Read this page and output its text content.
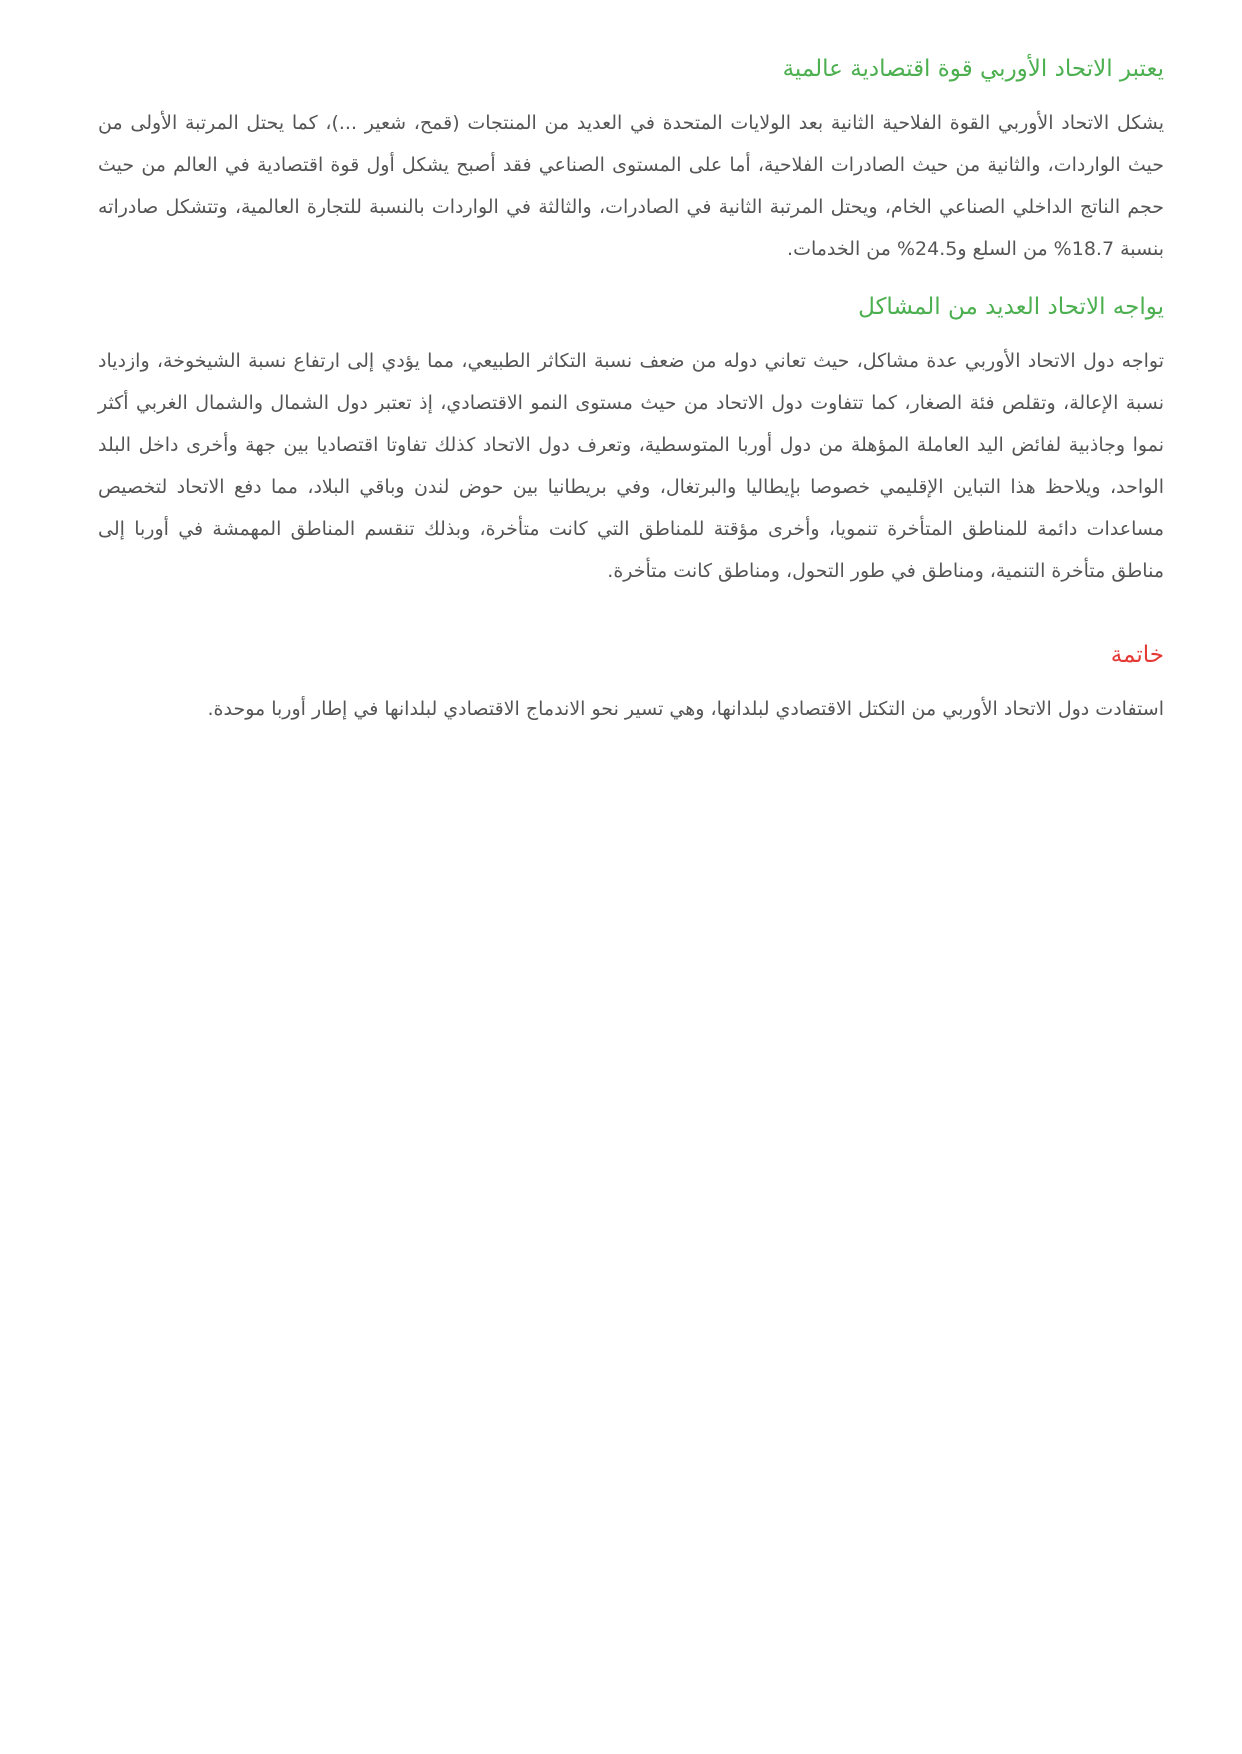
يعتبر الاتحاد الأوربي قوة اقتصادية عالمية

يشكل الاتحاد الأوربي القوة الفلاحية الثانية بعد الولايات المتحدة في العديد من المنتجات (قمح، شعير ...)، كما يحتل المرتبة الأولى من حيث الواردات، والثانية من حيث الصادرات الفلاحية، أما على المستوى الصناعي فقد أصبح يشكل أول قوة اقتصادية في العالم من حيث حجم الناتج الداخلي الصناعي الخام، ويحتل المرتبة الثانية في الصادرات، والثالثة في الواردات بالنسبة للتجارة العالمية، وتتشكل صادراته بنسبة 18.7% من السلع و24.5% من الخدمات.

يواجه الاتحاد العديد من المشاكل

تواجه دول الاتحاد الأوربي عدة مشاكل، حيث تعاني دوله من ضعف نسبة التكاثر الطبيعي، مما يؤدي إلى ارتفاع نسبة الشيخوخة، وازدياد نسبة الإعالة، وتقلص فئة الصغار، كما تتفاوت دول الاتحاد من حيث مستوى النمو الاقتصادي، إذ تعتبر دول الشمال والشمال الغربي أكثر نموا وجاذبية لفائض اليد العاملة المؤهلة من دول أوربا المتوسطية، وتعرف دول الاتحاد كذلك تفاوتا اقتصاديا بين جهة وأخرى داخل البلد الواحد، ويلاحظ هذا التباين الإقليمي خصوصا بإيطاليا والبرتغال، وفي بريطانيا بين حوض لندن وباقي البلاد، مما دفع الاتحاد لتخصيص مساعدات دائمة للمناطق المتأخرة تنمويا، وأخرى مؤقتة للمناطق التي كانت متأخرة، وبذلك تنقسم المناطق المهمشة في أوربا إلى مناطق متأخرة التنمية، ومناطق في طور التحول، ومناطق كانت متأخرة.

خاتمة

استفادت دول الاتحاد الأوربي من التكتل الاقتصادي لبلدانها، وهي تسير نحو الاندماج الاقتصادي لبلدانها في إطار أوربا موحدة.
